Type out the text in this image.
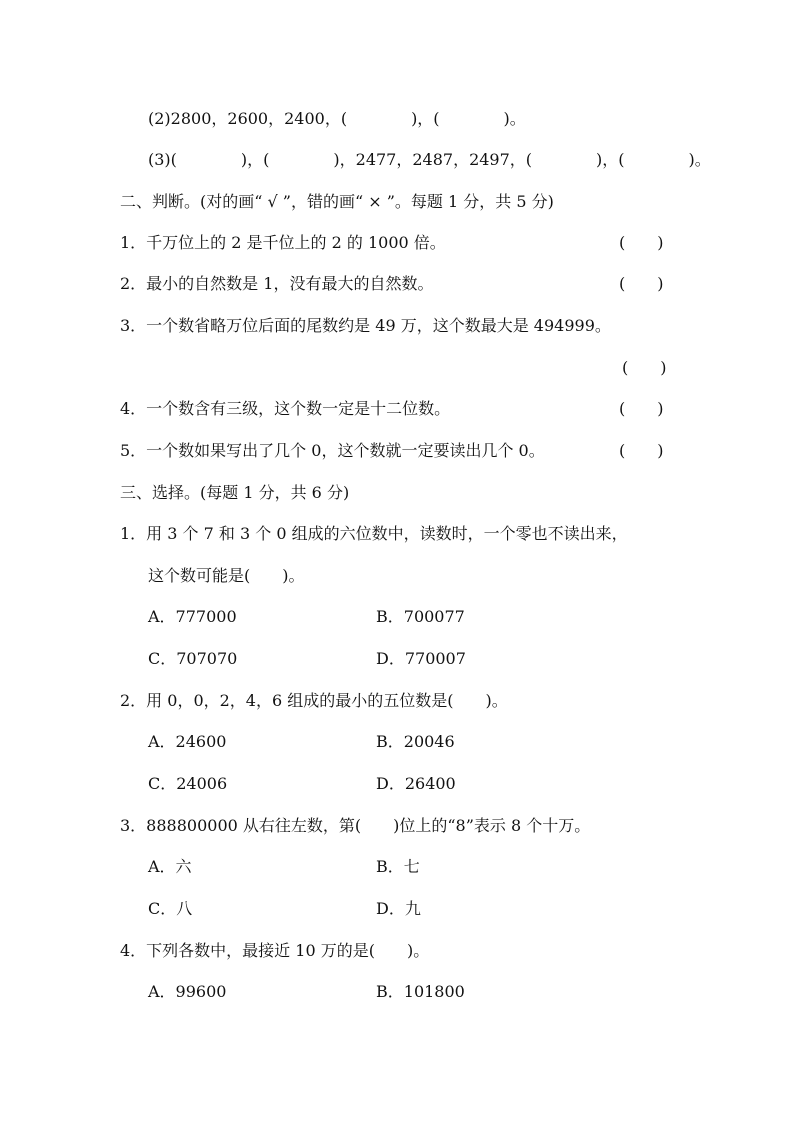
(2)2800，2600，2400，(　　　　)，(　　　　)。
(3)(　　　　)，(　　　　)，2477，2487，2497，(　　　　)，(　　　　)。
二、判断。(对的画“ √ ”，错的画“ × ”。每题 1 分，共 5 分)
1．千万位上的 2 是千位上的 2 的 1000 倍。	(　　)
2．最小的自然数是 1，没有最大的自然数。	(　　)
3．一个数省略万位后面的尾数约是 49 万，这个数最大是 494999。
(　　)
4．一个数含有三级，这个数一定是十二位数。	(　　)
5．一个数如果写出了几个 0，这个数就一定要读出几个 0。	(　　)
三、选择。(每题 1 分，共 6 分)
1．用 3 个 7 和 3 个 0 组成的六位数中，读数时，一个零也不读出来，
这个数可能是(　　)。
A．777000	B．700077
C．707070	D．770007
2．用 0，0，2，4，6 组成的最小的五位数是(　　)。
A．24600	B．20046
C．24006	D．26400
3．888800000 从右往左数，第(　　)位上的“8”表示 8 个十万。
A．六	B．七
C．八	D．九
4．下列各数中，最接近 10 万的是(　　)。
A．99600	B．101800
